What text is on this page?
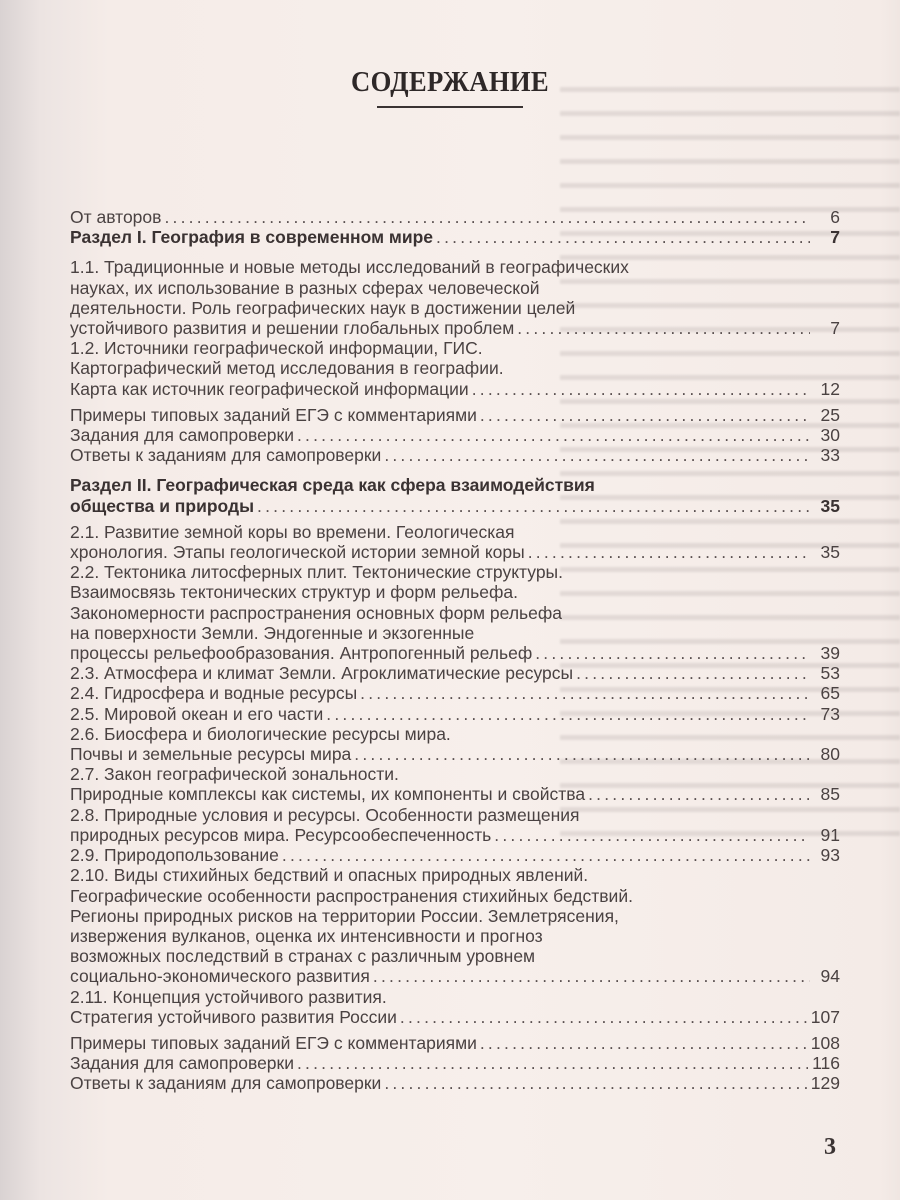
СОДЕРЖАНИЕ
От авторов .....	6
Раздел I. География в современном мире .....	7
1.1. Традиционные и новые методы исследований в географических
науках, их использование в разных сферах человеческой
деятельности. Роль географических наук в достижении целей
устойчивого развития и решении глобальных проблем .....	7
1.2. Источники географической информации, ГИС.
Картографический метод исследования в географии.
Карта как источник географической информации .....	12
Примеры типовых заданий ЕГЭ с комментариями .....	25
Задания для самопроверки .....	30
Ответы к заданиям для самопроверки .....	33
Раздел II. Географическая среда как сфера взаимодействия
общества и природы .....	35
2.1. Развитие земной коры во времени. Геологическая
хронология. Этапы геологической истории земной коры .....	35
2.2. Тектоника литосферных плит. Тектонические структуры.
Взаимосвязь тектонических структур и форм рельефа.
Закономерности распространения основных форм рельефа
на поверхности Земли. Эндогенные и экзогенные
процессы рельефообразования. Антропогенный рельеф .....	39
2.3. Атмосфера и климат Земли. Агроклиматические ресурсы .....	53
2.4. Гидросфера и водные ресурсы .....	65
2.5. Мировой океан и его части .....	73
2.6. Биосфера и биологические ресурсы мира.
Почвы и земельные ресурсы мира .....	80
2.7. Закон географической зональности.
Природные комплексы как системы, их компоненты и свойства .....	85
2.8. Природные условия и ресурсы. Особенности размещения
природных ресурсов мира. Ресурсообеспеченность .....	91
2.9. Природопользование .....	93
2.10. Виды стихийных бедствий и опасных природных явлений.
Географические особенности распространения стихийных бедствий.
Регионы природных рисков на территории России. Землетрясения,
извержения вулканов, оценка их интенсивности и прогноз
возможных последствий в странах с различным уровнем
социально-экономического развития .....	94
2.11. Концепция устойчивого развития.
Стратегия устойчивого развития России .....	107
Примеры типовых заданий ЕГЭ с комментариями .....	108
Задания для самопроверки .....	116
Ответы к заданиям для самопроверки .....	129
3
